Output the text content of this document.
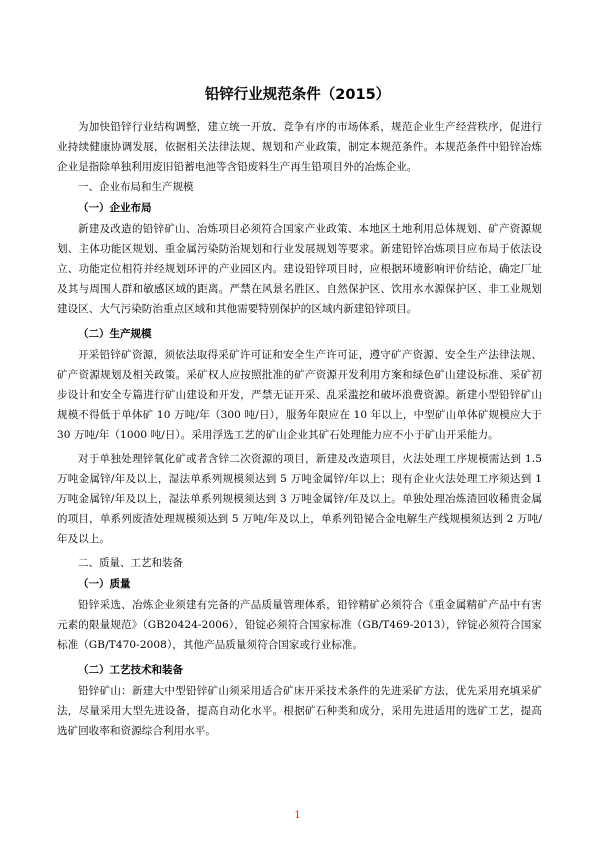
铅锌行业规范条件（2015）

为加快铅锌行业结构调整，建立统一开放、竞争有序的市场体系，规范企业生产经营秩序，促进行业持续健康协调发展，依据相关法律法规、规划和产业政策，制定本规范条件。本规范条件中铅锌冶炼企业是指除单独利用废旧铅蓄电池等含铅废料生产再生铅项目外的冶炼企业。

一、企业布局和生产规模

（一）企业布局

新建及改造的铅锌矿山、冶炼项目必须符合国家产业政策、本地区土地利用总体规划、矿产资源规划、主体功能区规划、重金属污染防治规划和行业发展规划等要求。新建铅锌冶炼项目应布局于依法设立、功能定位相符并经规划环评的产业园区内。建设铅锌项目时，应根据环境影响评价结论，确定厂址及其与周围人群和敏感区域的距离。严禁在风景名胜区、自然保护区、饮用水水源保护区、非工业规划建设区、大气污染防治重点区域和其他需要特别保护的区域内新建铅锌项目。

（二）生产规模

开采铅锌矿资源，须依法取得采矿许可证和安全生产许可证，遵守矿产资源、安全生产法律法规、矿产资源规划及相关政策。采矿权人应按照批准的矿产资源开发利用方案和绿色矿山建设标准、采矿初步设计和安全专篇进行矿山建设和开发，严禁无证开采、乱采滥挖和破坏浪费资源。新建小型铅锌矿山规模不得低于单体矿 10 万吨/年（300 吨/日），服务年限应在 10 年以上，中型矿山单体矿规模应大于 30 万吨/年（1000 吨/日）。采用浮选工艺的矿山企业其矿石处理能力应不小于矿山开采能力。

对于单独处理锌氧化矿或者含锌二次资源的项目，新建及改造项目，火法处理工序规模需达到 1.5 万吨金属锌/年及以上，湿法单系列规模须达到 5 万吨金属锌/年以上；现有企业火法处理工序须达到 1 万吨金属锌/年及以上，湿法单系列规模须达到 3 万吨金属锌/年及以上。单独处理冶炼渣回收稀贵金属的项目，单系列废渣处理规模须达到 5 万吨/年及以上，单系列铅铋合金电解生产线规模须达到 2 万吨/年及以上。

二、质量、工艺和装备

（一）质量

铅锌采选、冶炼企业须建有完备的产品质量管理体系，铅锌精矿必须符合《重金属精矿产品中有害元素的限量规范》（GB20424-2006），铅锭必须符合国家标准（GB/T469-2013），锌锭必须符合国家标准（GB/T470-2008），其他产品质量须符合国家或行业标准。

（二）工艺技术和装备

铅锌矿山：新建大中型铅锌矿山须采用适合矿床开采技术条件的先进采矿方法，优先采用充填采矿法，尽量采用大型先进设备，提高自动化水平。根据矿石种类和成分，采用先进适用的选矿工艺，提高选矿回收率和资源综合利用水平。

1
